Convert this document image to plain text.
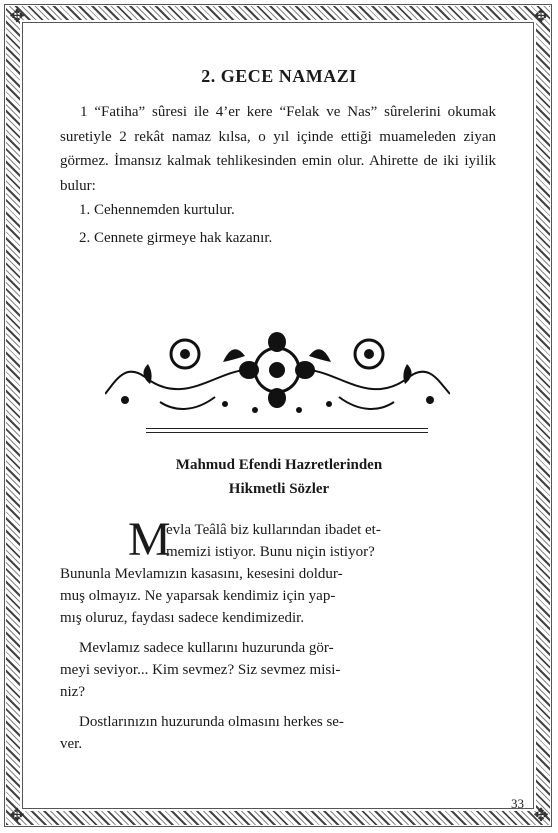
✥	✥
✥	✥
2. GECE NAMAZI

1 “Fatiha” sûresi ile 4’er kere “Felak ve Nas” sûrelerini okumak suretiyle 2 rekât namaz kılsa, o yıl içinde ettiği muameleden ziyan görmez. İmansız kalmak tehlikesinden emin olur. Ahirette de iki iyilik bulur:

1. Cehennemden kurtulur.

2. Cennete girmeye hak kazanır.

Mahmud Efendi Hazretlerinden

Hikmetli Sözler

M

evla Teâlâ biz kullarından ibadet et-

memizi istiyor. Bunu niçin istiyor?

Bununla Mevlamızın kasasını, kesesini doldur-

muş olmayız. Ne yaparsak kendimiz için yap-

mış oluruz, faydası sadece kendimizedir.

Mevlamız sadece kullarını huzurunda gör-

meyi seviyor... Kim sevmez? Siz sevmez misi-

niz?

Dostlarınızın huzurunda olmasını herkes se-

ver.

33
